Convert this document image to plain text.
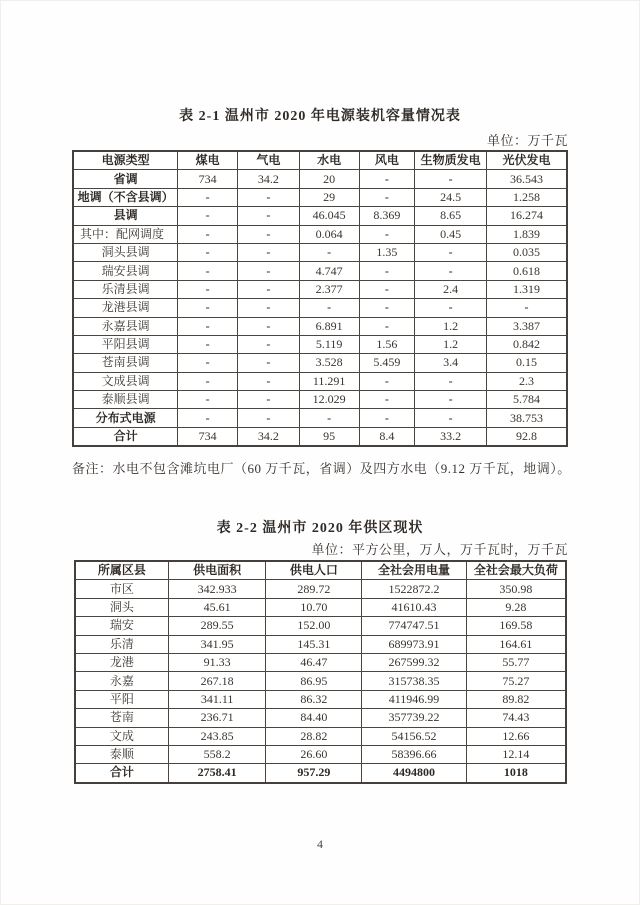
表 2-1 温州市 2020 年电源装机容量情况表
单位：万千瓦
电源类型	煤电	气电	水电	风电	生物质发电	光伏发电
省调	734	34.2	20	-	-	36.543
地调（不含县调）	-	-	29	-	24.5	1.258
县调	-	-	46.045	8.369	8.65	16.274
其中：配网调度	-	-	0.064	-	0.45	1.839
洞头县调	-	-	-	1.35	-	0.035
瑞安县调	-	-	4.747	-	-	0.618
乐清县调	-	-	2.377	-	2.4	1.319
龙港县调	-	-	-	-	-	-
永嘉县调	-	-	6.891	-	1.2	3.387
平阳县调	-	-	5.119	1.56	1.2	0.842
苍南县调	-	-	3.528	5.459	3.4	0.15
文成县调	-	-	11.291	-	-	2.3
泰顺县调	-	-	12.029	-	-	5.784
分布式电源	-	-	-	-	-	38.753
合计	734	34.2	95	8.4	33.2	92.8
备注：水电不包含滩坑电厂（60 万千瓦，省调）及四方水电（9.12 万千瓦，地调）。
表 2-2 温州市 2020 年供区现状
单位：平方公里，万人，万千瓦时，万千瓦
所属区县	供电面积	供电人口	全社会用电量	全社会最大负荷
市区	342.933	289.72	1522872.2	350.98
洞头	45.61	10.70	41610.43	9.28
瑞安	289.55	152.00	774747.51	169.58
乐清	341.95	145.31	689973.91	164.61
龙港	91.33	46.47	267599.32	55.77
永嘉	267.18	86.95	315738.35	75.27
平阳	341.11	86.32	411946.99	89.82
苍南	236.71	84.40	357739.22	74.43
文成	243.85	28.82	54156.52	12.66
泰顺	558.2	26.60	58396.66	12.14
合计	2758.41	957.29	4494800	1018
4
